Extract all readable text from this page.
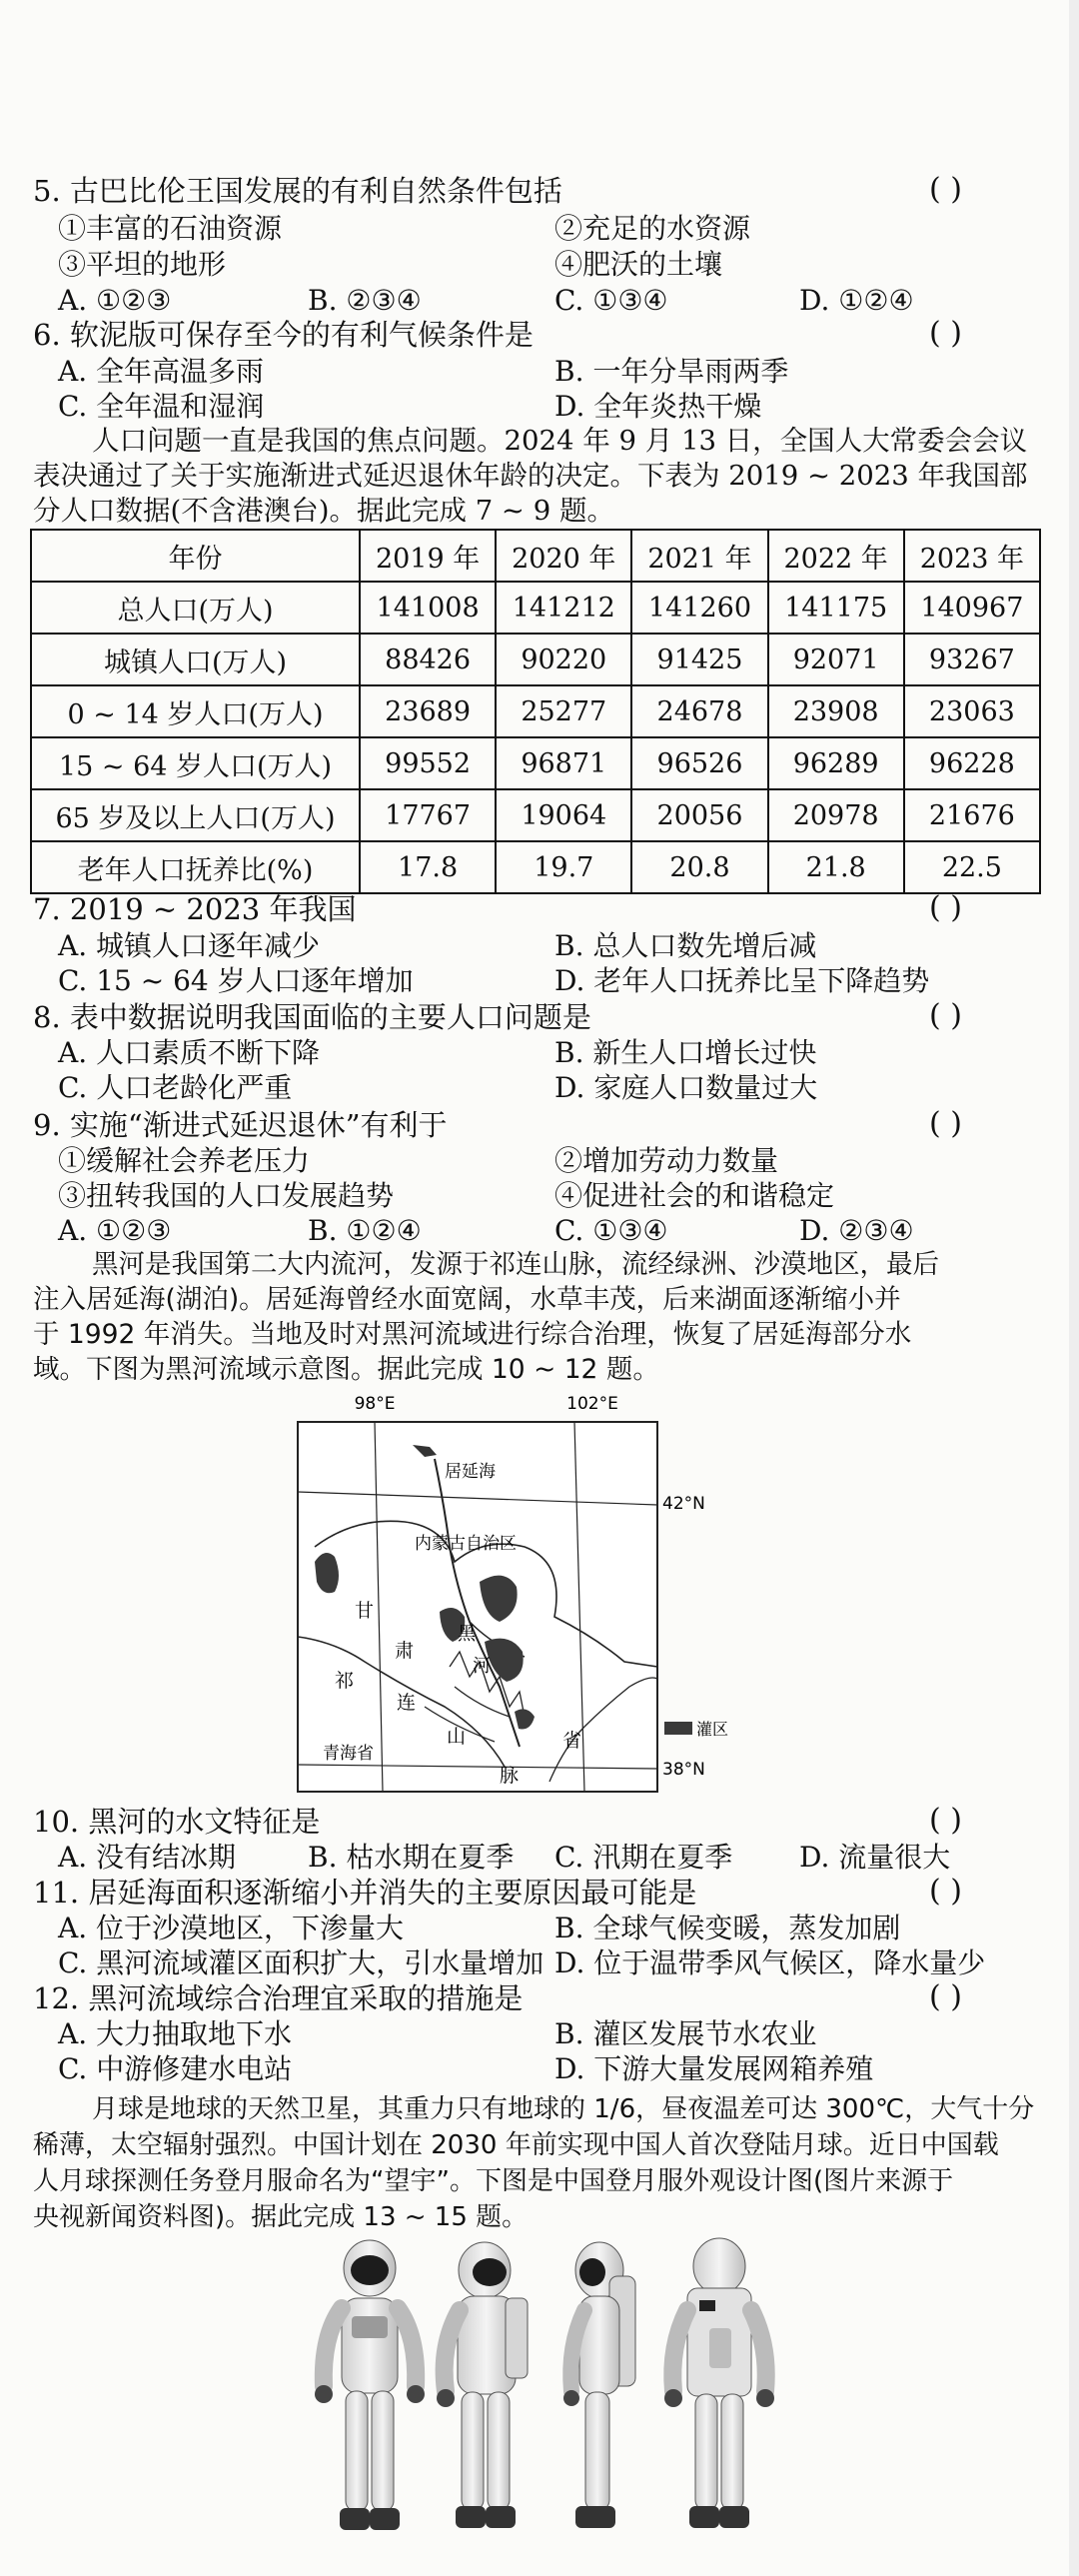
5. 古巴比伦王国发展的有利自然条件包括	( )
①丰富的石油资源	②充足的水资源
③平坦的地形	④肥沃的土壤
A. ①②③	B. ②③④	C. ①③④	D. ①②④
6. 软泥版可保存至今的有利气候条件是	( )
A. 全年高温多雨	B. 一年分旱雨两季
C. 全年温和湿润	D. 全年炎热干燥
人口问题一直是我国的焦点问题。2024 年 9 月 13 日，全国人大常委会会议
表决通过了关于实施渐进式延迟退休年龄的决定。下表为 2019 ~ 2023 年我国部
分人口数据(不含港澳台)。据此完成 7 ~ 9 题。
年份	2019 年	2020 年	2021 年	2022 年	2023 年
总人口(万人)	141008	141212	141260	141175	140967
城镇人口(万人)	88426	90220	91425	92071	93267
0 ~ 14 岁人口(万人)	23689	25277	24678	23908	23063
15 ~ 64 岁人口(万人)	99552	96871	96526	96289	96228
65 岁及以上人口(万人)	17767	19064	20056	20978	21676
老年人口抚养比(%)	17.8	19.7	20.8	21.8	22.5
7. 2019 ~ 2023 年我国	( )
A. 城镇人口逐年减少	B. 总人口数先增后减
C. 15 ~ 64 岁人口逐年增加	D. 老年人口抚养比呈下降趋势
8. 表中数据说明我国面临的主要人口问题是	( )
A. 人口素质不断下降	B. 新生人口增长过快
C. 人口老龄化严重	D. 家庭人口数量过大
9. 实施“渐进式延迟退休”有利于	( )
①缓解社会养老压力	②增加劳动力数量
③扭转我国的人口发展趋势	④促进社会的和谐稳定
A. ①②③	B. ①②④	C. ①③④	D. ②③④
黑河是我国第二大内流河，发源于祁连山脉，流经绿洲、沙漠地区，最后
注入居延海(湖泊)。居延海曾经水面宽阔，水草丰茂，后来湖面逐渐缩小并
于 1992 年消失。当地及时对黑河流域进行综合治理，恢复了居延海部分水
域。下图为黑河流域示意图。据此完成 10 ~ 12 题。
98°E	102°E
42°N
38°N
居延海
内蒙古自治区
甘
肃
省
黑
河
祁
连
山
脉
青海省
灌区
10. 黑河的水文特征是	( )
A. 没有结冰期	B. 枯水期在夏季 C. 汛期在夏季 D. 流量很大
11. 居延海面积逐渐缩小并消失的主要原因最可能是	( )
A. 位于沙漠地区，下渗量大	B. 全球气候变暖，蒸发加剧
C. 黑河流域灌区面积扩大，引水量增加 D. 位于温带季风气候区，降水量少
12. 黑河流域综合治理宜采取的措施是	( )
A. 大力抽取地下水	B. 灌区发展节水农业
C. 中游修建水电站	D. 下游大量发展网箱养殖
月球是地球的天然卫星，其重力只有地球的 1/6，昼夜温差可达 300℃，大气十分
稀薄，太空辐射强烈。中国计划在 2030 年前实现中国人首次登陆月球。近日中国载
人月球探测任务登月服命名为“望宇”。下图是中国登月服外观设计图(图片来源于
央视新闻资料图)。据此完成 13 ~ 15 题。
